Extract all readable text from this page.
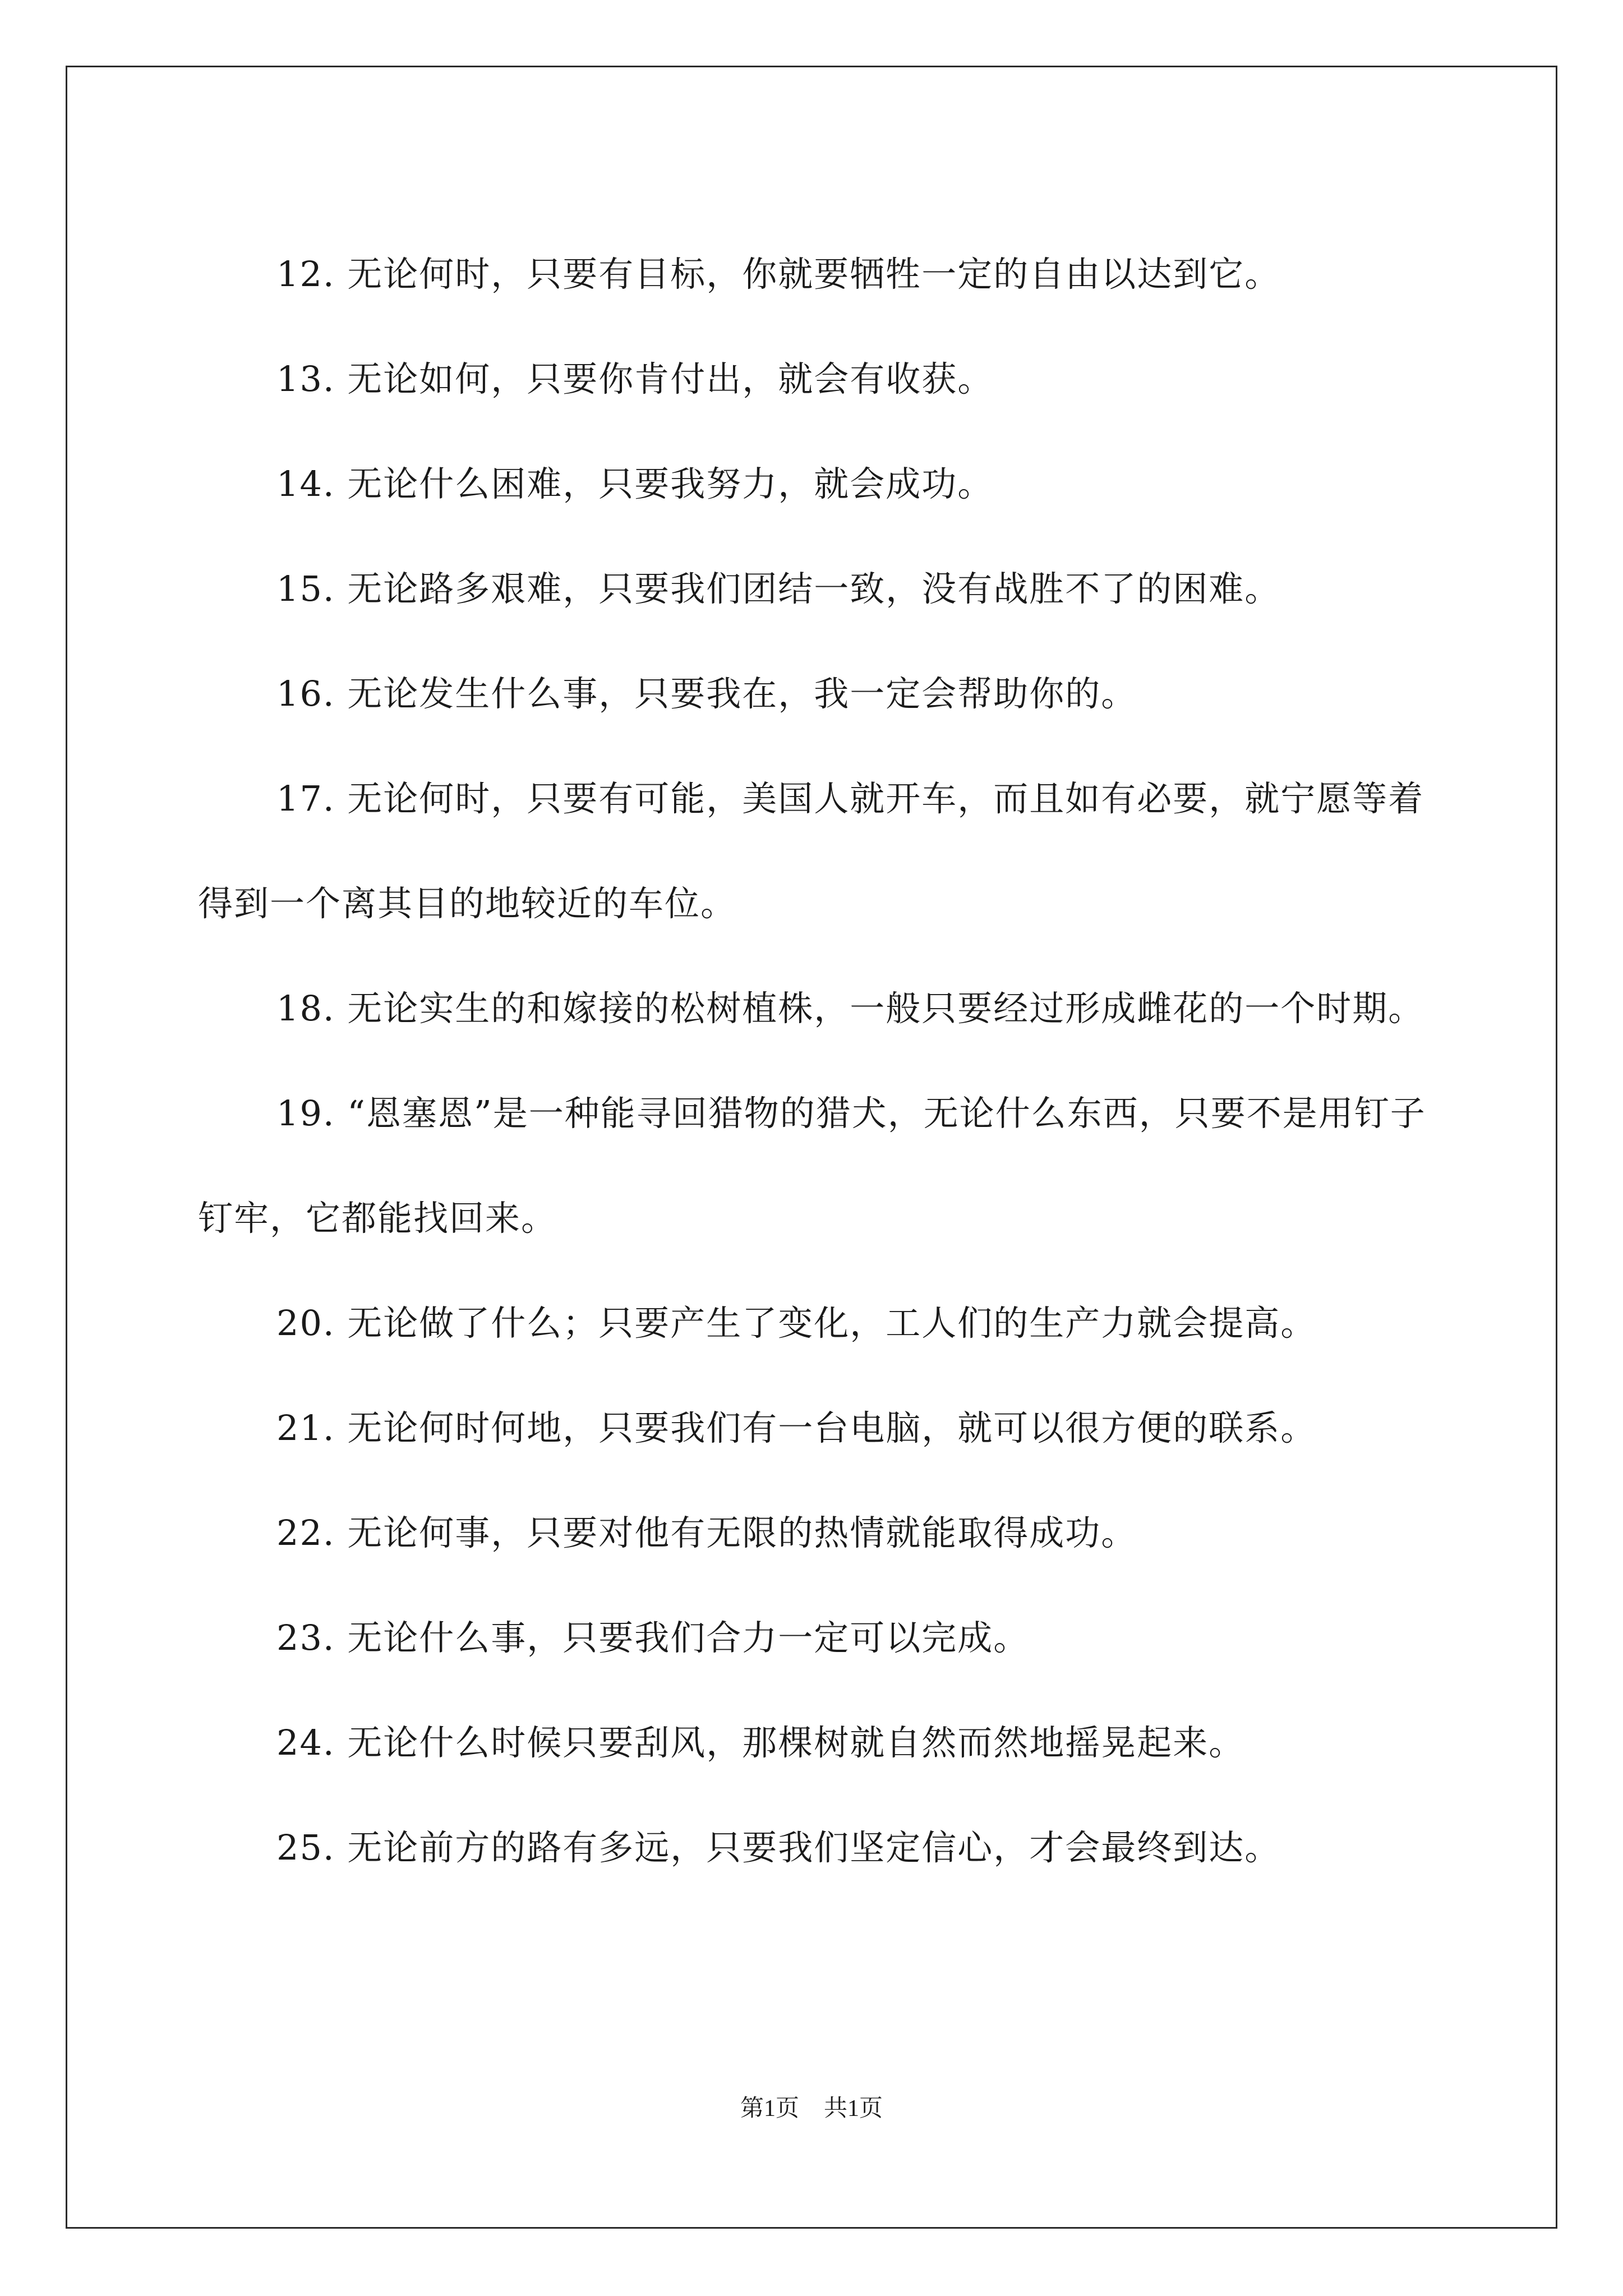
12. 无论何时，只要有目标，你就要牺牲一定的自由以达到它。

13. 无论如何，只要你肯付出，就会有收获。

14. 无论什么困难，只要我努力，就会成功。

15. 无论路多艰难，只要我们团结一致，没有战胜不了的困难。

16. 无论发生什么事，只要我在，我一定会帮助你的。

17. 无论何时，只要有可能，美国人就开车，而且如有必要，就宁愿等着得到一个离其目的地较近的车位。

18. 无论实生的和嫁接的松树植株，一般只要经过形成雌花的一个时期。

19. “恩塞恩”是一种能寻回猎物的猎犬，无论什么东西，只要不是用钉子钉牢，它都能找回来。

20. 无论做了什么；只要产生了变化，工人们的生产力就会提高。

21. 无论何时何地，只要我们有一台电脑，就可以很方便的联系。

22. 无论何事，只要对他有无限的热情就能取得成功。

23. 无论什么事，只要我们合力一定可以完成。

24. 无论什么时候只要刮风，那棵树就自然而然地摇晃起来。

25. 无论前方的路有多远，只要我们坚定信心，才会最终到达。

第1页 共1页
